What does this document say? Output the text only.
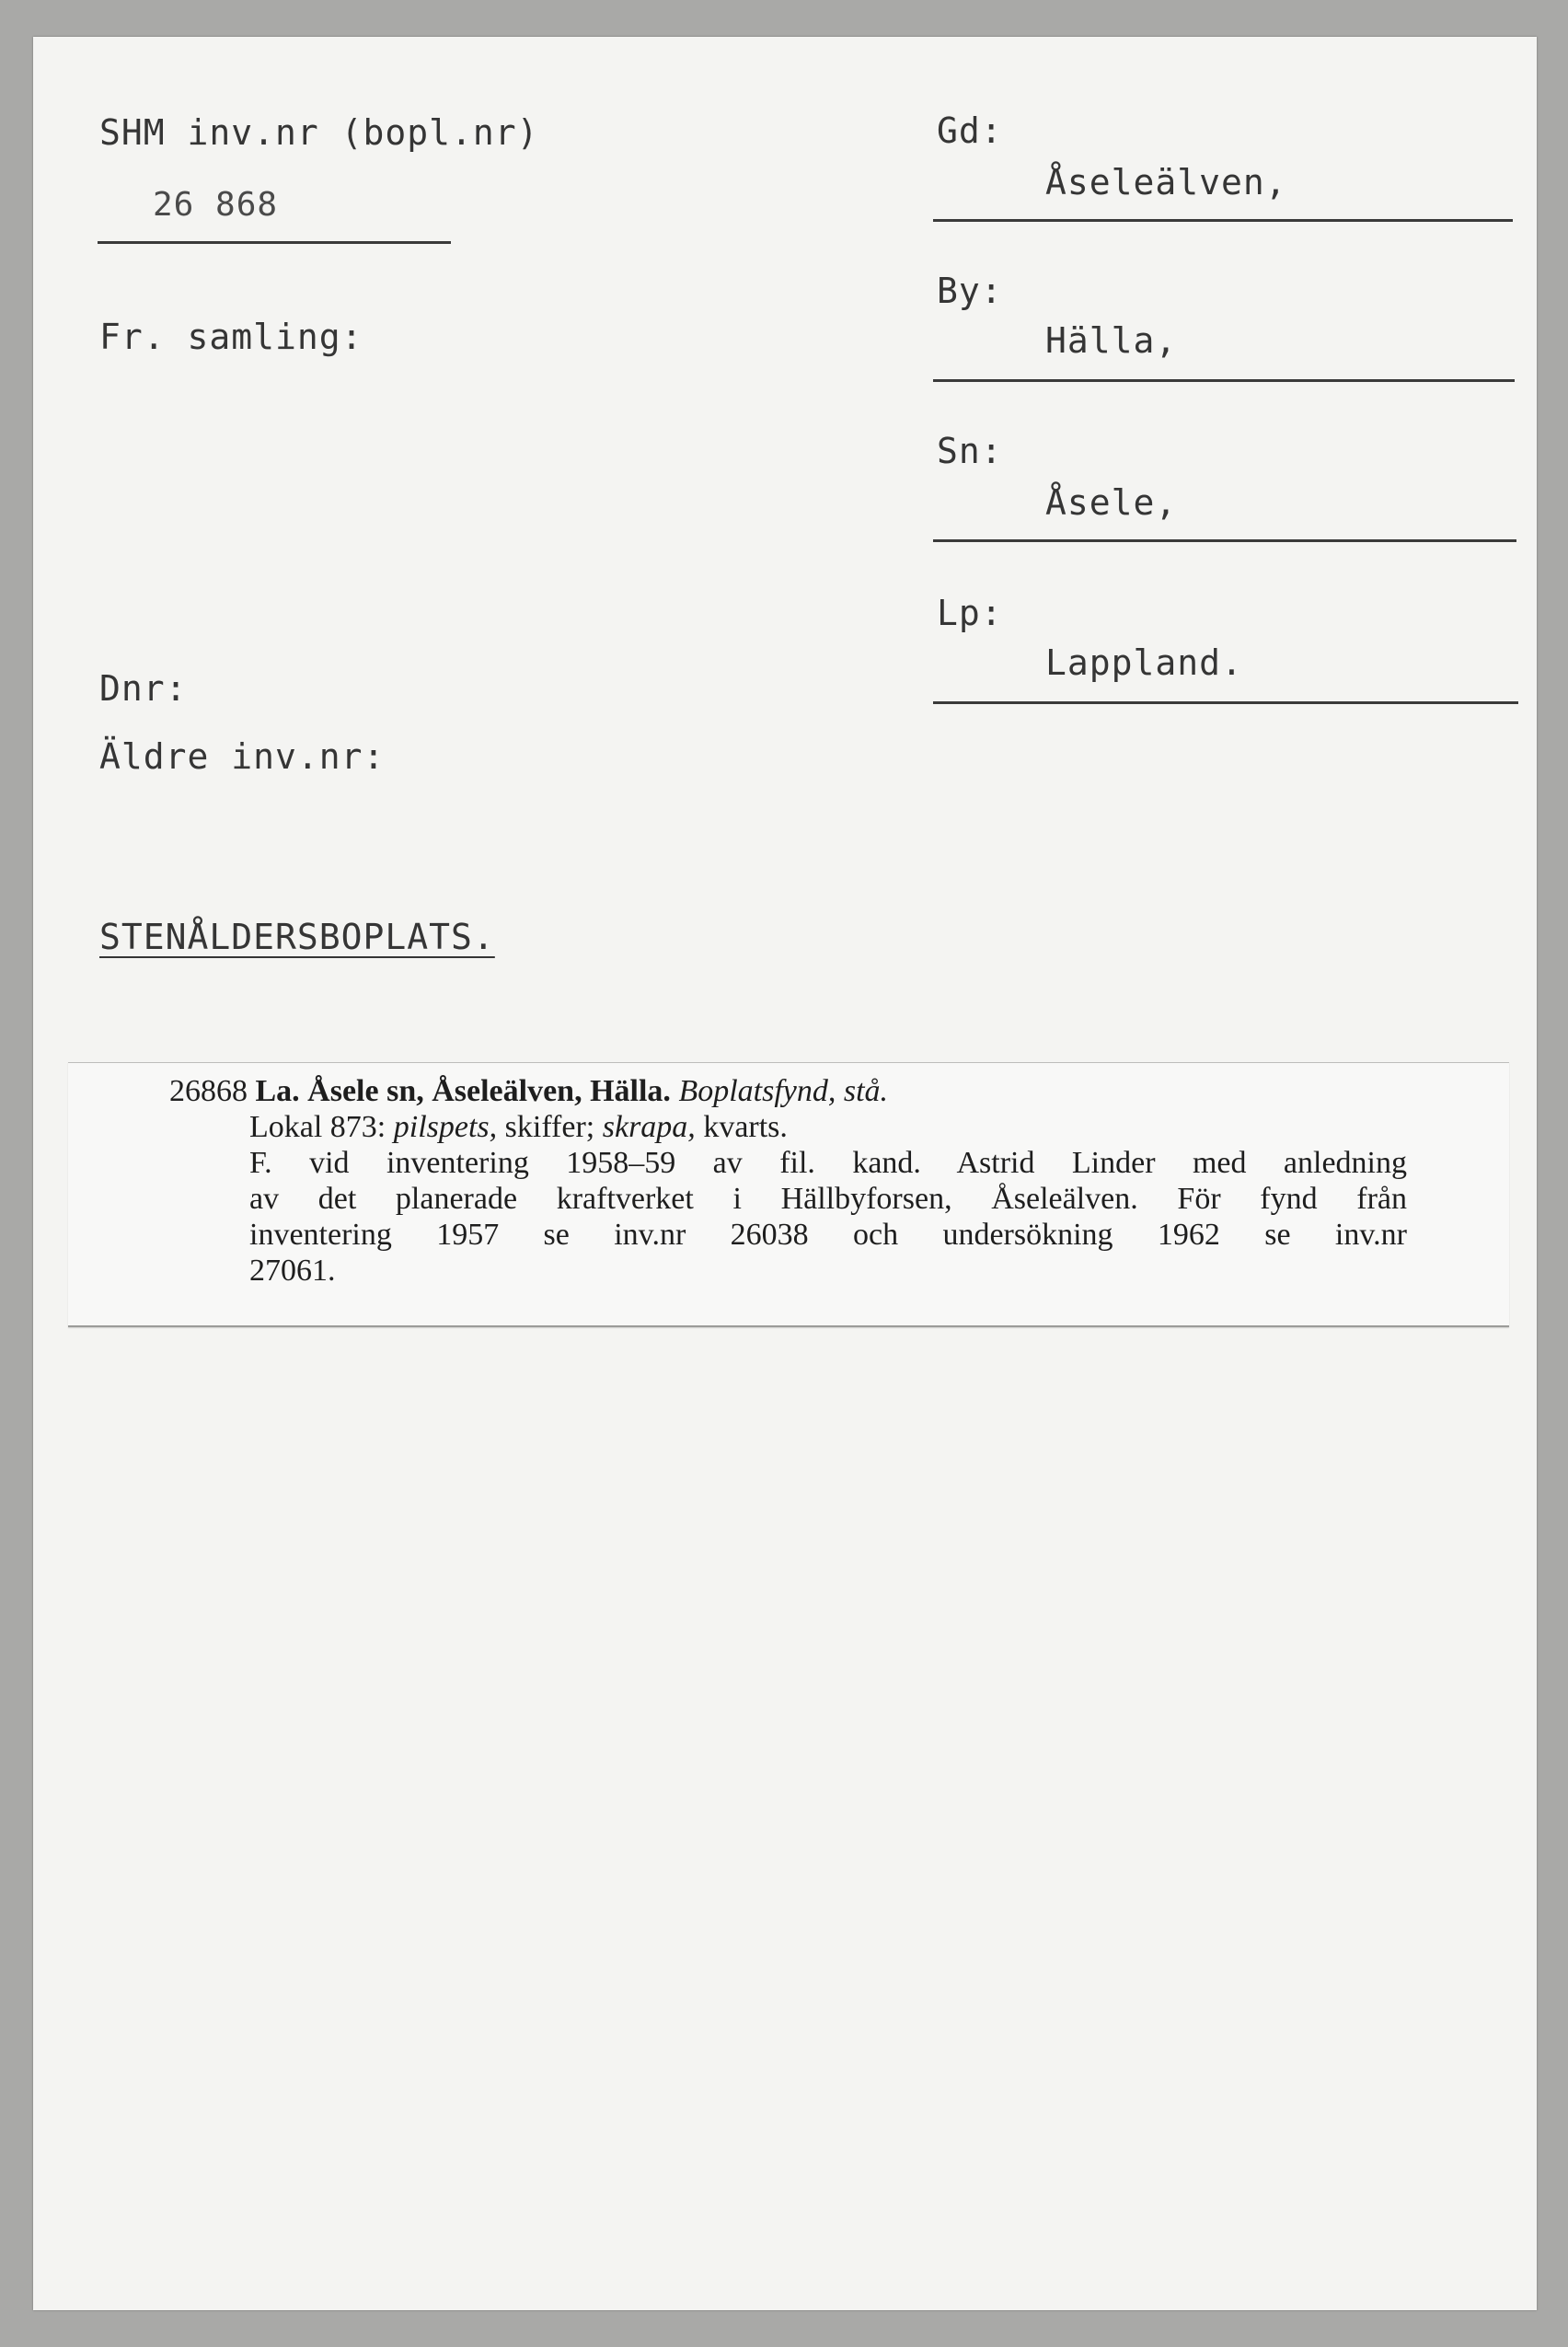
SHM inv.nr (bopl.nr)
26 868
Fr. samling:
Dnr:
Äldre inv.nr:
STENÅLDERSBOPLATS.
Gd:
Åseleälven,
By:
Hälla,
Sn:
Åsele,
Lp:
Lappland.
26868 La. Åsele sn, Åseleälven, Hälla. Boplatsfynd, stå.
Lokal 873: pilspets, skiffer; skrapa, kvarts.
F. vid inventering 1958–59 av fil. kand. Astrid Linder med anledning
av det planerade kraftverket i Hällbyforsen, Åseleälven. För fynd från
inventering 1957 se inv.nr 26038 och undersökning 1962 se inv.nr
27061.
